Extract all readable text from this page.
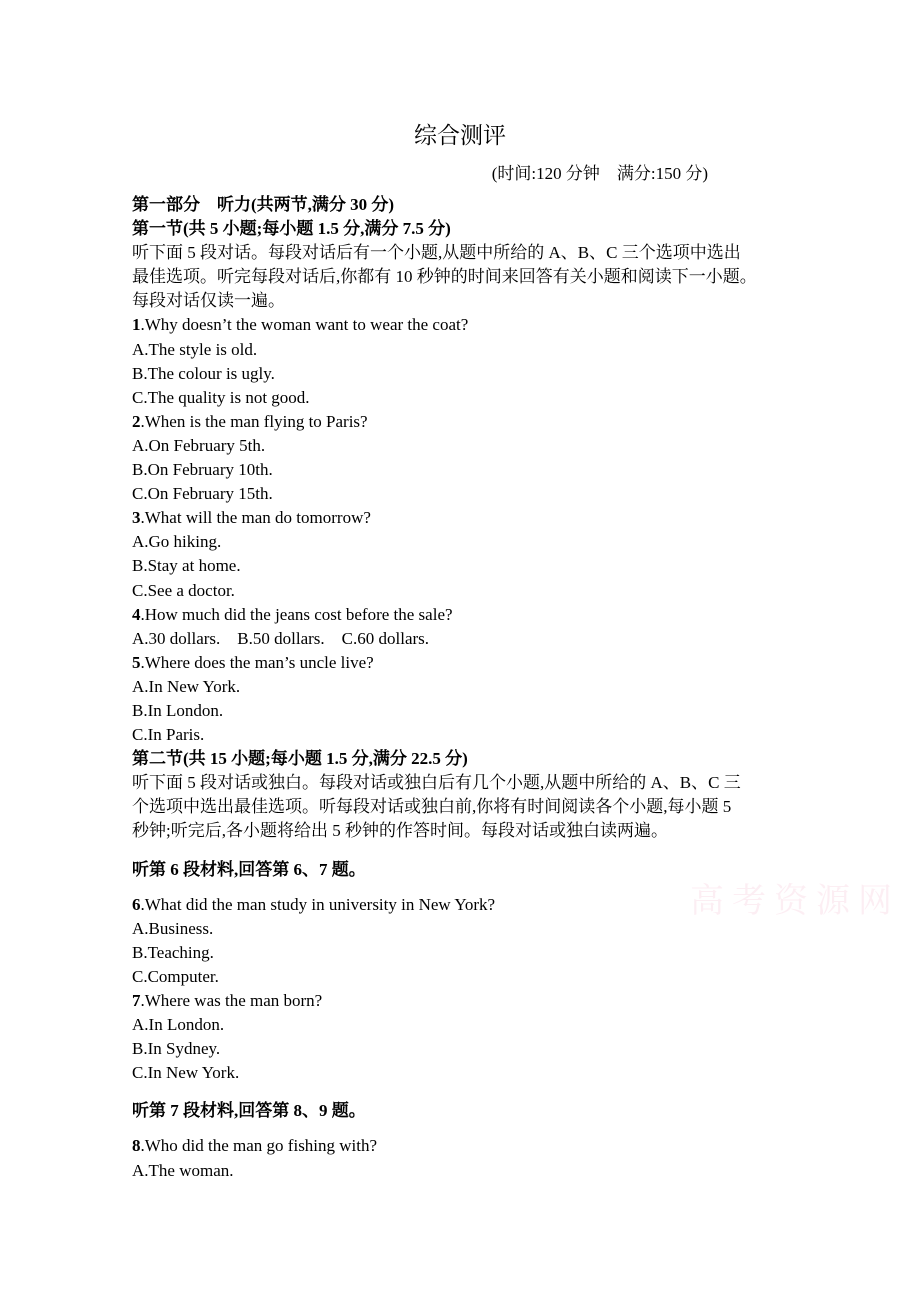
综合测评
(时间:120 分钟    满分:150 分)
第一部分　听力(共两节,满分 30 分)
第一节(共 5 小题;每小题 1.5 分,满分 7.5 分)
听下面 5 段对话。每段对话后有一个小题,从题中所给的 A、B、C 三个选项中选出
最佳选项。听完每段对话后,你都有 10 秒钟的时间来回答有关小题和阅读下一小题。
每段对话仅读一遍。
1.Why doesn’t the woman want to wear the coat?
A.The style is old.
B.The colour is ugly.
C.The quality is not good.
2.When is the man flying to Paris?
A.On February 5th.
B.On February 10th.
C.On February 15th.
3.What will the man do tomorrow?
A.Go hiking.
B.Stay at home.
C.See a doctor.
4.How much did the jeans cost before the sale?
A.30 dollars.    B.50 dollars.    C.60 dollars.
5.Where does the man’s uncle live?
A.In New York.
B.In London.
C.In Paris.
第二节(共 15 小题;每小题 1.5 分,满分 22.5 分)
听下面 5 段对话或独白。每段对话或独白后有几个小题,从题中所给的 A、B、C 三
个选项中选出最佳选项。听每段对话或独白前,你将有时间阅读各个小题,每小题 5
秒钟;听完后,各小题将给出 5 秒钟的作答时间。每段对话或独白读两遍。
听第 6 段材料,回答第 6、7 题。
6.What did the man study in university in New York?
A.Business.
B.Teaching.
C.Computer.
7.Where was the man born?
A.In London.
B.In Sydney.
C.In New York.
听第 7 段材料,回答第 8、9 题。
8.Who did the man go fishing with?
A.The woman.
高考资源网
